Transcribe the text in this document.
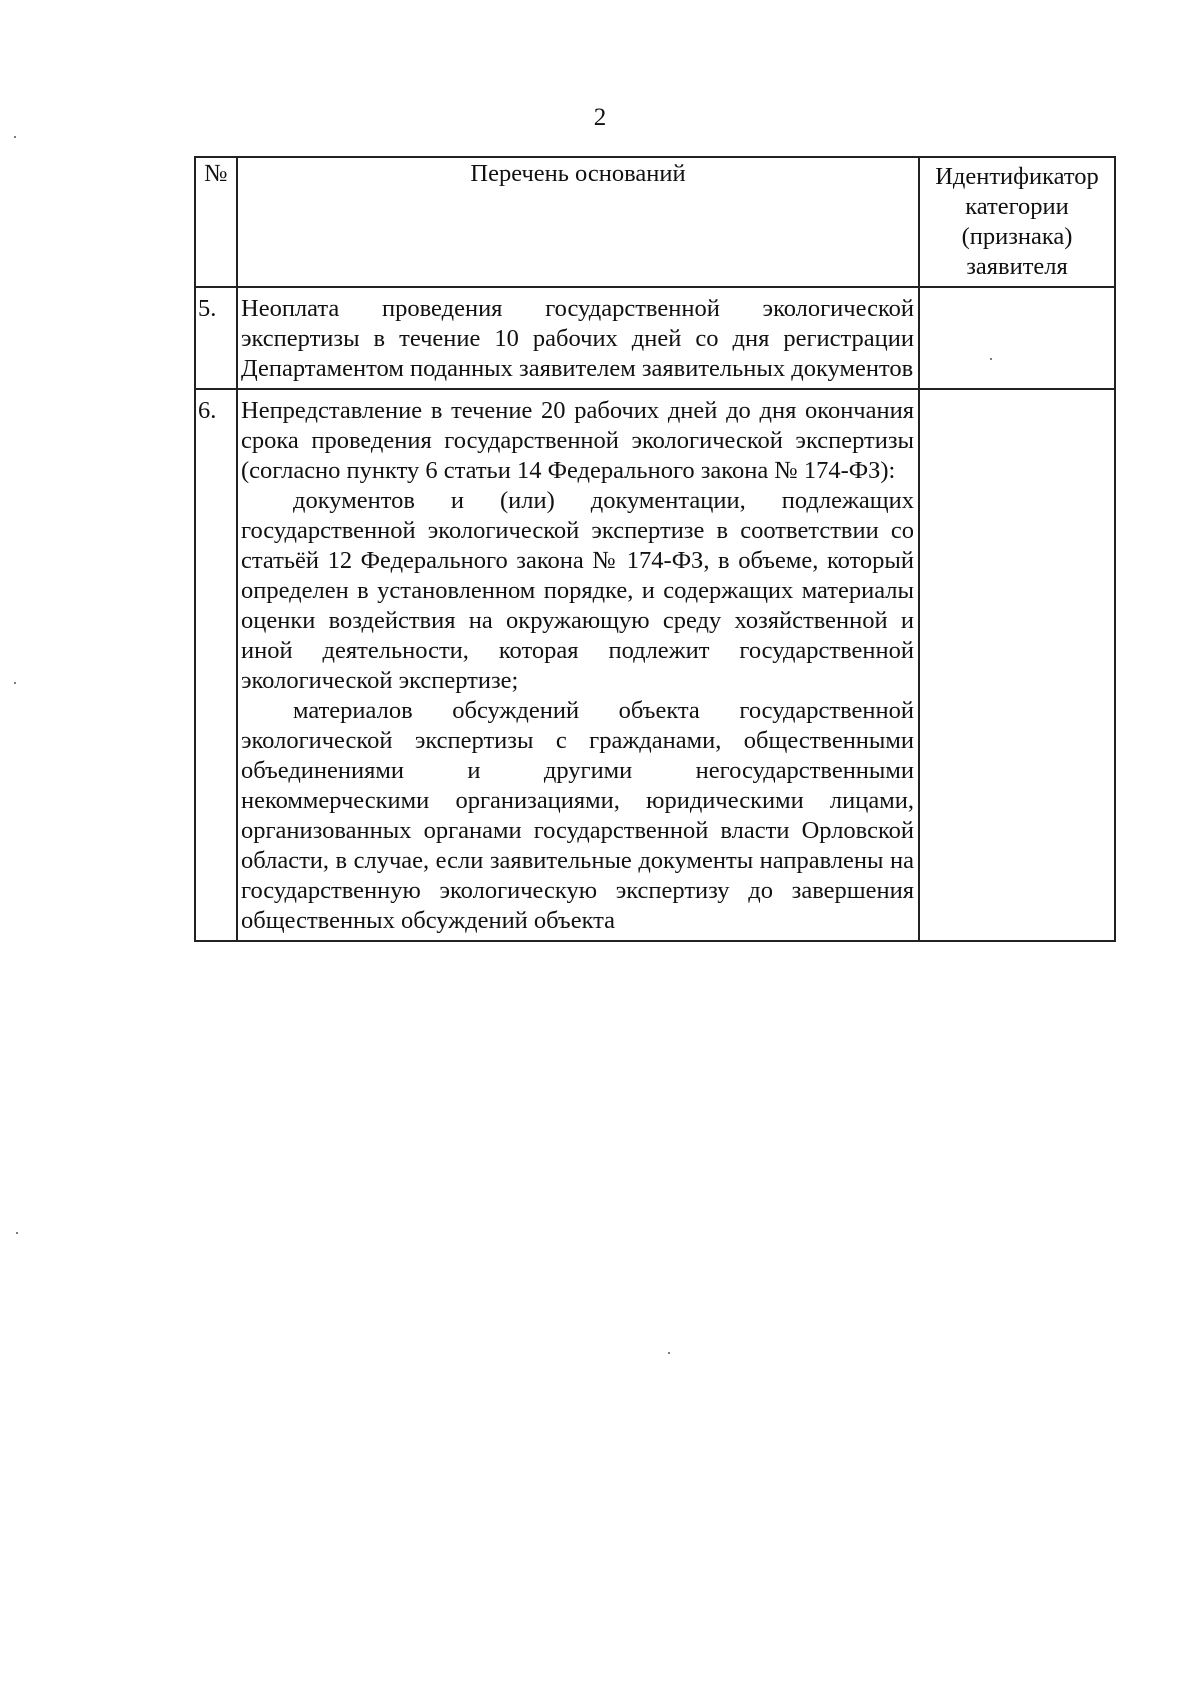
2
№	Перечень оснований	Идентификатор категории (признака) заявителя
5.	Неоплата проведения государственной экологической экспертизы в течение 10 рабочих дней со дня регистрации Департаментом поданных заявителем заявительных документов	

6.	Непредставление в течение 20 рабочих дней до дня окончания срока проведения государственной экологической экспертизы (согласно пункту 6 статьи 14 Федерального закона № 174-ФЗ):

документов и (или) документации, подлежащих государственной экологической экспертизе в соответствии со статьёй 12 Федерального закона № 174-ФЗ, в объеме, который определен в установленном порядке, и содержащих материалы оценки воздействия на окружающую среду хозяйственной и иной деятельности, которая подлежит государственной экологической экспертизе;

материалов обсуждений объекта государственной экологической экспертизы с гражданами, общественными объединениями и другими негосударственными некоммерческими организациями, юридическими лицами, организованных органами государственной власти Орловской области, в случае, если заявительные документы направлены на государственную экологическую экспертизу до завершения общественных обсуждений объекта	
